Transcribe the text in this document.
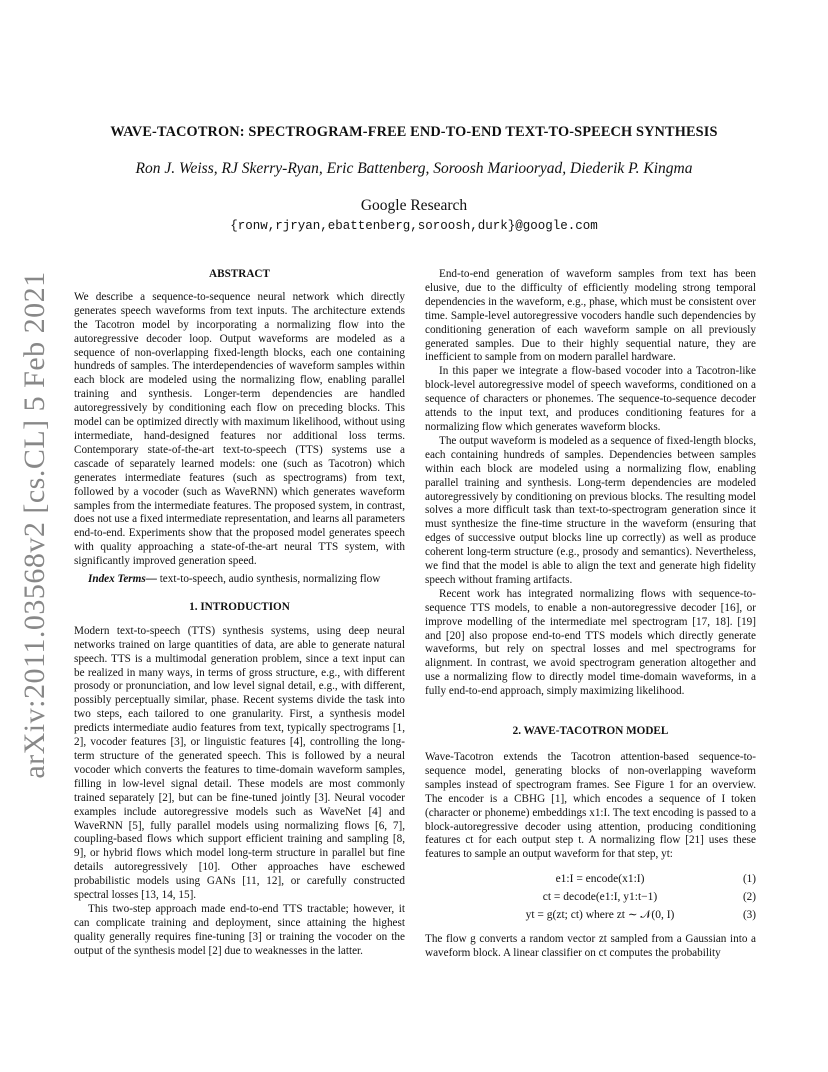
arXiv:2011.03568v2 [cs.CL] 5 Feb 2021
WAVE-TACOTRON: SPECTROGRAM-FREE END-TO-END TEXT-TO-SPEECH SYNTHESIS
Ron J. Weiss, RJ Skerry-Ryan, Eric Battenberg, Soroosh Mariooryad, Diederik P. Kingma
Google Research
{ronw,rjryan,ebattenberg,soroosh,durk}@google.com

ABSTRACT

We describe a sequence-to-sequence neural network which directly generates speech waveforms from text inputs. The architecture extends the Tacotron model by incorporating a normalizing flow into the autoregressive decoder loop. Output waveforms are modeled as a sequence of non-overlapping fixed-length blocks, each one containing hundreds of samples. The interdependencies of waveform samples within each block are modeled using the normalizing flow, enabling parallel training and synthesis. Longer-term dependencies are handled autoregressively by conditioning each flow on preceding blocks. This model can be optimized directly with maximum likelihood, without using intermediate, hand-designed features nor additional loss terms. Contemporary state-of-the-art text-to-speech (TTS) systems use a cascade of separately learned models: one (such as Tacotron) which generates intermediate features (such as spectrograms) from text, followed by a vocoder (such as WaveRNN) which generates waveform samples from the intermediate features. The proposed system, in contrast, does not use a fixed intermediate representation, and learns all parameters end-to-end. Experiments show that the proposed model generates speech with quality approaching a state-of-the-art neural TTS system, with significantly improved generation speed.

Index Terms— text-to-speech, audio synthesis, normalizing flow

1. INTRODUCTION

Modern text-to-speech (TTS) synthesis systems, using deep neural networks trained on large quantities of data, are able to generate natural speech. TTS is a multimodal generation problem, since a text input can be realized in many ways, in terms of gross structure, e.g., with different prosody or pronunciation, and low level signal detail, e.g., with different, possibly perceptually similar, phase. Recent systems divide the task into two steps, each tailored to one granularity. First, a synthesis model predicts intermediate audio features from text, typically spectrograms [1, 2], vocoder features [3], or linguistic features [4], controlling the long-term structure of the generated speech. This is followed by a neural vocoder which converts the features to time-domain waveform samples, filling in low-level signal detail. These models are most commonly trained separately [2], but can be fine-tuned jointly [3]. Neural vocoder examples include autoregressive models such as WaveNet [4] and WaveRNN [5], fully parallel models using normalizing flows [6, 7], coupling-based flows which support efficient training and sampling [8, 9], or hybrid flows which model long-term structure in parallel but fine details autoregressively [10]. Other approaches have eschewed probabilistic models using GANs [11, 12], or carefully constructed spectral losses [13, 14, 15].

This two-step approach made end-to-end TTS tractable; however, it can complicate training and deployment, since attaining the highest quality generally requires fine-tuning [3] or training the vocoder on the output of the synthesis model [2] due to weaknesses in the latter.

End-to-end generation of waveform samples from text has been elusive, due to the difficulty of efficiently modeling strong temporal dependencies in the waveform, e.g., phase, which must be consistent over time. Sample-level autoregressive vocoders handle such dependencies by conditioning generation of each waveform sample on all previously generated samples. Due to their highly sequential nature, they are inefficient to sample from on modern parallel hardware.

In this paper we integrate a flow-based vocoder into a Tacotron-like block-level autoregressive model of speech waveforms, conditioned on a sequence of characters or phonemes. The sequence-to-sequence decoder attends to the input text, and produces conditioning features for a normalizing flow which generates waveform blocks.

The output waveform is modeled as a sequence of fixed-length blocks, each containing hundreds of samples. Dependencies between samples within each block are modeled using a normalizing flow, enabling parallel training and synthesis. Long-term dependencies are modeled autoregressively by conditioning on previous blocks. The resulting model solves a more difficult task than text-to-spectrogram generation since it must synthesize the fine-time structure in the waveform (ensuring that edges of successive output blocks line up correctly) as well as produce coherent long-term structure (e.g., prosody and semantics). Nevertheless, we find that the model is able to align the text and generate high fidelity speech without framing artifacts.

Recent work has integrated normalizing flows with sequence-to-sequence TTS models, to enable a non-autoregressive decoder [16], or improve modelling of the intermediate mel spectrogram [17, 18]. [19] and [20] also propose end-to-end TTS models which directly generate waveforms, but rely on spectral losses and mel spectrograms for alignment. In contrast, we avoid spectrogram generation altogether and use a normalizing flow to directly model time-domain waveforms, in a fully end-to-end approach, simply maximizing likelihood.

2. WAVE-TACOTRON MODEL

Wave-Tacotron extends the Tacotron attention-based sequence-to-sequence model, generating blocks of non-overlapping waveform samples instead of spectrogram frames. See Figure 1 for an overview. The encoder is a CBHG [1], which encodes a sequence of I token (character or phoneme) embeddings x1:I. The text encoding is passed to a block-autoregressive decoder using attention, producing conditioning features ct for each output step t. A normalizing flow [21] uses these features to sample an output waveform for that step, yt:

e1:I = encode(x1:I)	(1)
ct = decode(e1:I, y1:t−1)	(2)
yt = g(zt; ct) where zt ∼ 𝒩(0, I)	(3)

The flow g converts a random vector zt sampled from a Gaussian into a waveform block. A linear classifier on ct computes the probability
